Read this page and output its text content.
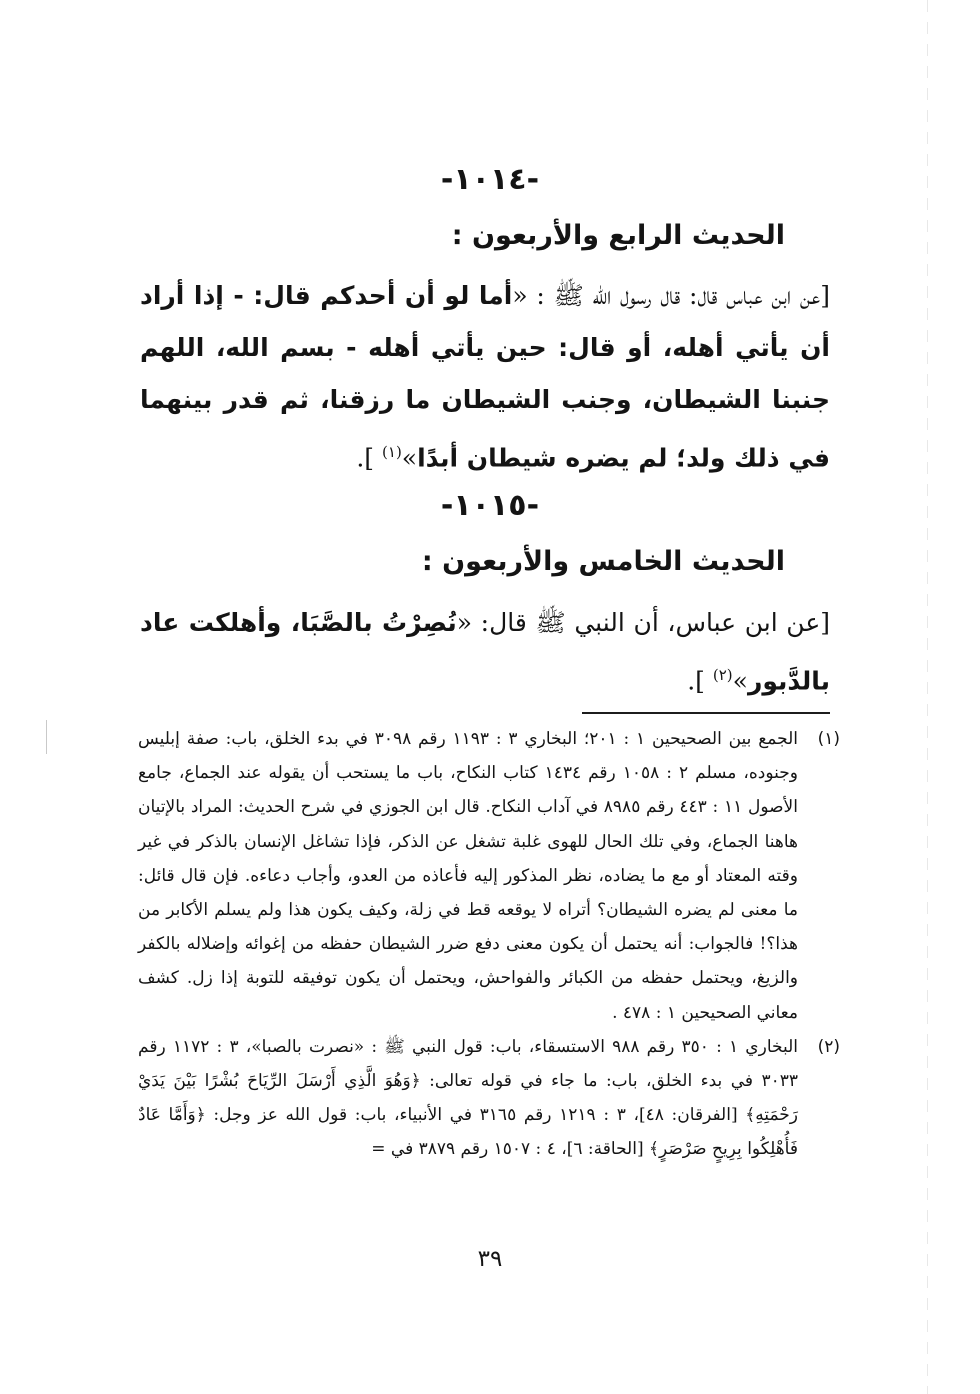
-١٠١٤-
الحديث الرابع والأربعون :
[عن ابن عباس قال: قال رسول الله ﷺ : «أما لو أن أحدكم قال: - إذا أراد أن يأتي أهله، أو قال: حين يأتي أهله - بسم الله، اللهم جنبنا الشيطان، وجنب الشيطان ما رزقنا، ثم قدر بينهما في ذلك ولد؛ لم يضره شيطان أبدًا»$^{(١)}$ ].
-١٠١٥-
الحديث الخامس والأربعون :
[عن ابن عباس، أن النبي ﷺ قال: «نُصِرْتُ بالصَّبَا، وأهلكت عاد بالدَّبور»$^{(٢)}$ ].
(١)
الجمع بين الصحيحين ١ : ٢٠١؛ البخاري ٣ : ١١٩٣ رقم ٣٠٩٨ في بدء الخلق، باب: صفة إبليس وجنوده، مسلم ٢ : ١٠٥٨ رقم ١٤٣٤ كتاب النكاح، باب ما يستحب أن يقوله عند الجماع، جامع الأصول ١١ : ٤٤٣ رقم ٨٩٨٥ في آداب النكاح. قال ابن الجوزي في شرح الحديث: المراد بالإتيان هاهنا الجماع، وفي تلك الحال للهوى غلبة تشغل عن الذكر، فإذا تشاغل الإنسان بالذكر في غير وقته المعتاد أو مع ما يضاده، نظر المذكور إليه فأعاذه من العدو، وأجاب دعاءه. فإن قال قائل: ما معنى لم يضره الشيطان؟ أتراه لا يوقعه قط في زلة، وكيف يكون هذا ولم يسلم الأكابر من هذا؟! فالجواب: أنه يحتمل أن يكون معنى دفع ضرر الشيطان حفظه من إغوائه وإضلاله بالكفر والزيغ، ويحتمل حفظه من الكبائر والفواحش، ويحتمل أن يكون توفيقه للتوبة إذا زل. كشف معاني الصحيحين ١ : ٤٧٨ .
(٢)
البخاري ١ : ٣٥٠ رقم ٩٨٨ الاستسقاء، باب: قول النبي ﷺ : «نصرت بالصبا»، ٣ : ١١٧٢ رقم ٣٠٣٣ في بدء الخلق، باب: ما جاء في قوله تعالى: ﴿وَهُوَ الَّذِي أَرْسَلَ الرِّيَاحَ بُشْرًا بَيْنَ يَدَيْ رَحْمَتِهِ﴾ [الفرقان: ٤٨]، ٣ : ١٢١٩ رقم ٣١٦٥ في الأنبياء، باب: قول الله عز وجل: ﴿وَأَمَّا عَادٌ فَأُهْلِكُوا بِرِيحٍ صَرْصَرٍ﴾ [الحاقة: ٦]، ٤ : ١٥٠٧ رقم ٣٨٧٩ في =
٣٩
